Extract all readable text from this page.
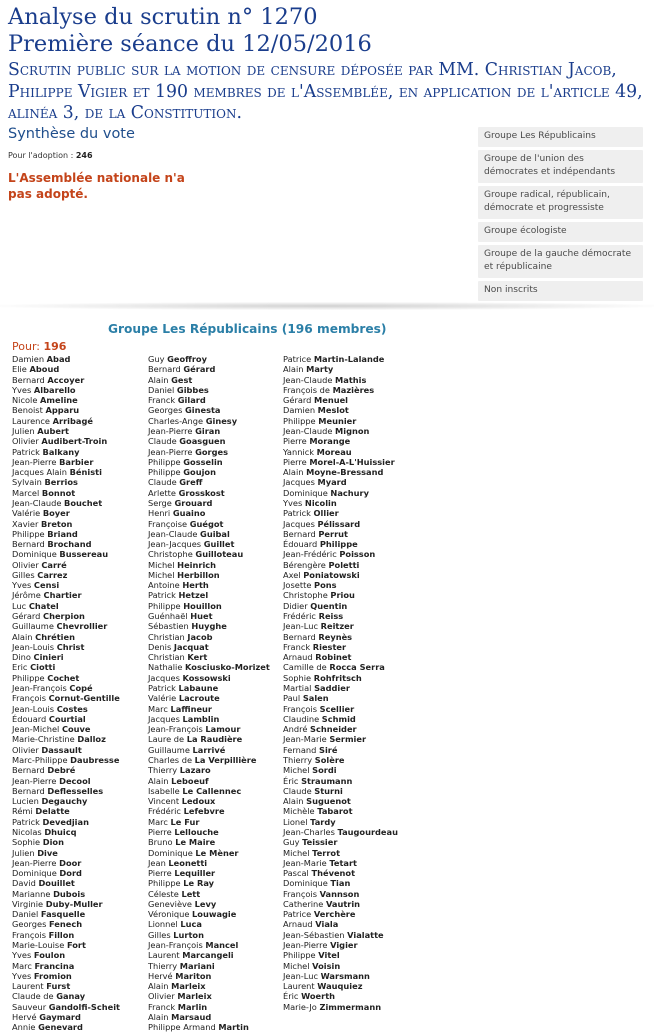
Analyse du scrutin n° 1270
Première séance du 12/05/2016
Scrutin public sur la motion de censure déposée par MM. Christian Jacob, Philippe Vigier et 190 membres de l'Assemblée, en application de l'article 49, alinéa 3, de la Constitution.
Synthèse du vote
Pour l'adoption : 246
L'Assemblée nationale n'a pas adopté.
Groupe Les Républicains
Groupe de l'union des démocrates et indépendants
Groupe radical, républicain, démocrate et progressiste
Groupe écologiste
Groupe de la gauche démocrate et républicaine
Non inscrits
Groupe Les Républicains (196 membres)
Pour: 196
Damien Abad
Elie Aboud
Bernard Accoyer
Yves Albarello
Nicole Ameline
Benoist Apparu
Laurence Arribagé
Julien Aubert
Olivier Audibert-Troin
Patrick Balkany
Jean-Pierre Barbier
Jacques Alain Bénisti
Sylvain Berrios
Marcel Bonnot
Jean-Claude Bouchet
Valérie Boyer
Xavier Breton
Philippe Briand
Bernard Brochand
Dominique Bussereau
Olivier Carré
Gilles Carrez
Yves Censi
Jérôme Chartier
Luc Chatel
Gérard Cherpion
Guillaume Chevrollier
Alain Chrétien
Jean-Louis Christ
Dino Cinieri
Eric Ciotti
Philippe Cochet
Jean-François Copé
François Cornut-Gentille
Jean-Louis Costes
Édouard Courtial
Jean-Michel Couve
Marie-Christine Dalloz
Olivier Dassault
Marc-Philippe Daubresse
Bernard Debré
Jean-Pierre Decool
Bernard Deflesselles
Lucien Degauchy
Rémi Delatte
Patrick Devedjian
Nicolas Dhuicq
Sophie Dion
Julien Dive
Jean-Pierre Door
Dominique Dord
David Douillet
Marianne Dubois
Virginie Duby-Muller
Daniel Fasquelle
Georges Fenech
François Fillon
Marie-Louise Fort
Yves Foulon
Marc Francina
Yves Fromion
Laurent Furst
Claude de Ganay
Sauveur Gandolfi-Scheit
Hervé Gaymard
Annie Genevard
Guy Geoffroy
Bernard Gérard
Alain Gest
Daniel Gibbes
Franck Gilard
Georges Ginesta
Charles-Ange Ginesy
Jean-Pierre Giran
Claude Goasguen
Jean-Pierre Gorges
Philippe Gosselin
Philippe Goujon
Claude Greff
Arlette Grosskost
Serge Grouard
Henri Guaino
Françoise Guégot
Jean-Claude Guibal
Jean-Jacques Guillet
Christophe Guilloteau
Michel Heinrich
Michel Herbillon
Antoine Herth
Patrick Hetzel
Philippe Houillon
Guénhaël Huet
Sébastien Huyghe
Christian Jacob
Denis Jacquat
Christian Kert
Nathalie Kosciusko-Morizet
Jacques Kossowski
Patrick Labaune
Valérie Lacroute
Marc Laffineur
Jacques Lamblin
Jean-François Lamour
Laure de La Raudière
Guillaume Larrivé
Charles de La Verpillière
Thierry Lazaro
Alain Leboeuf
Isabelle Le Callennec
Vincent Ledoux
Frédéric Lefebvre
Marc Le Fur
Pierre Lellouche
Bruno Le Maire
Dominique Le Mèner
Jean Leonetti
Pierre Lequiller
Philippe Le Ray
Céleste Lett
Geneviève Levy
Véronique Louwagie
Lionnel Luca
Gilles Lurton
Jean-François Mancel
Laurent Marcangeli
Thierry Mariani
Hervé Mariton
Alain Marleix
Olivier Marleix
Franck Marlin
Alain Marsaud
Philippe Armand Martin
Patrice Martin-Lalande
Alain Marty
Jean-Claude Mathis
François de Mazières
Gérard Menuel
Damien Meslot
Philippe Meunier
Jean-Claude Mignon
Pierre Morange
Yannick Moreau
Pierre Morel-A-L'Huissier
Alain Moyne-Bressand
Jacques Myard
Dominique Nachury
Yves Nicolin
Patrick Ollier
Jacques Pélissard
Bernard Perrut
Édouard Philippe
Jean-Frédéric Poisson
Bérengère Poletti
Axel Poniatowski
Josette Pons
Christophe Priou
Didier Quentin
Frédéric Reiss
Jean-Luc Reitzer
Bernard Reynès
Franck Riester
Arnaud Robinet
Camille de Rocca Serra
Sophie Rohfritsch
Martial Saddier
Paul Salen
François Scellier
Claudine Schmid
André Schneider
Jean-Marie Sermier
Fernand Siré
Thierry Solère
Michel Sordi
Éric Straumann
Claude Sturni
Alain Suguenot
Michèle Tabarot
Lionel Tardy
Jean-Charles Taugourdeau
Guy Teissier
Michel Terrot
Jean-Marie Tetart
Pascal Thévenot
Dominique Tian
François Vannson
Catherine Vautrin
Patrice Verchère
Arnaud Viala
Jean-Sébastien Vialatte
Jean-Pierre Vigier
Philippe Vitel
Michel Voisin
Jean-Luc Warsmann
Laurent Wauquiez
Éric Woerth
Marie-Jo Zimmermann
